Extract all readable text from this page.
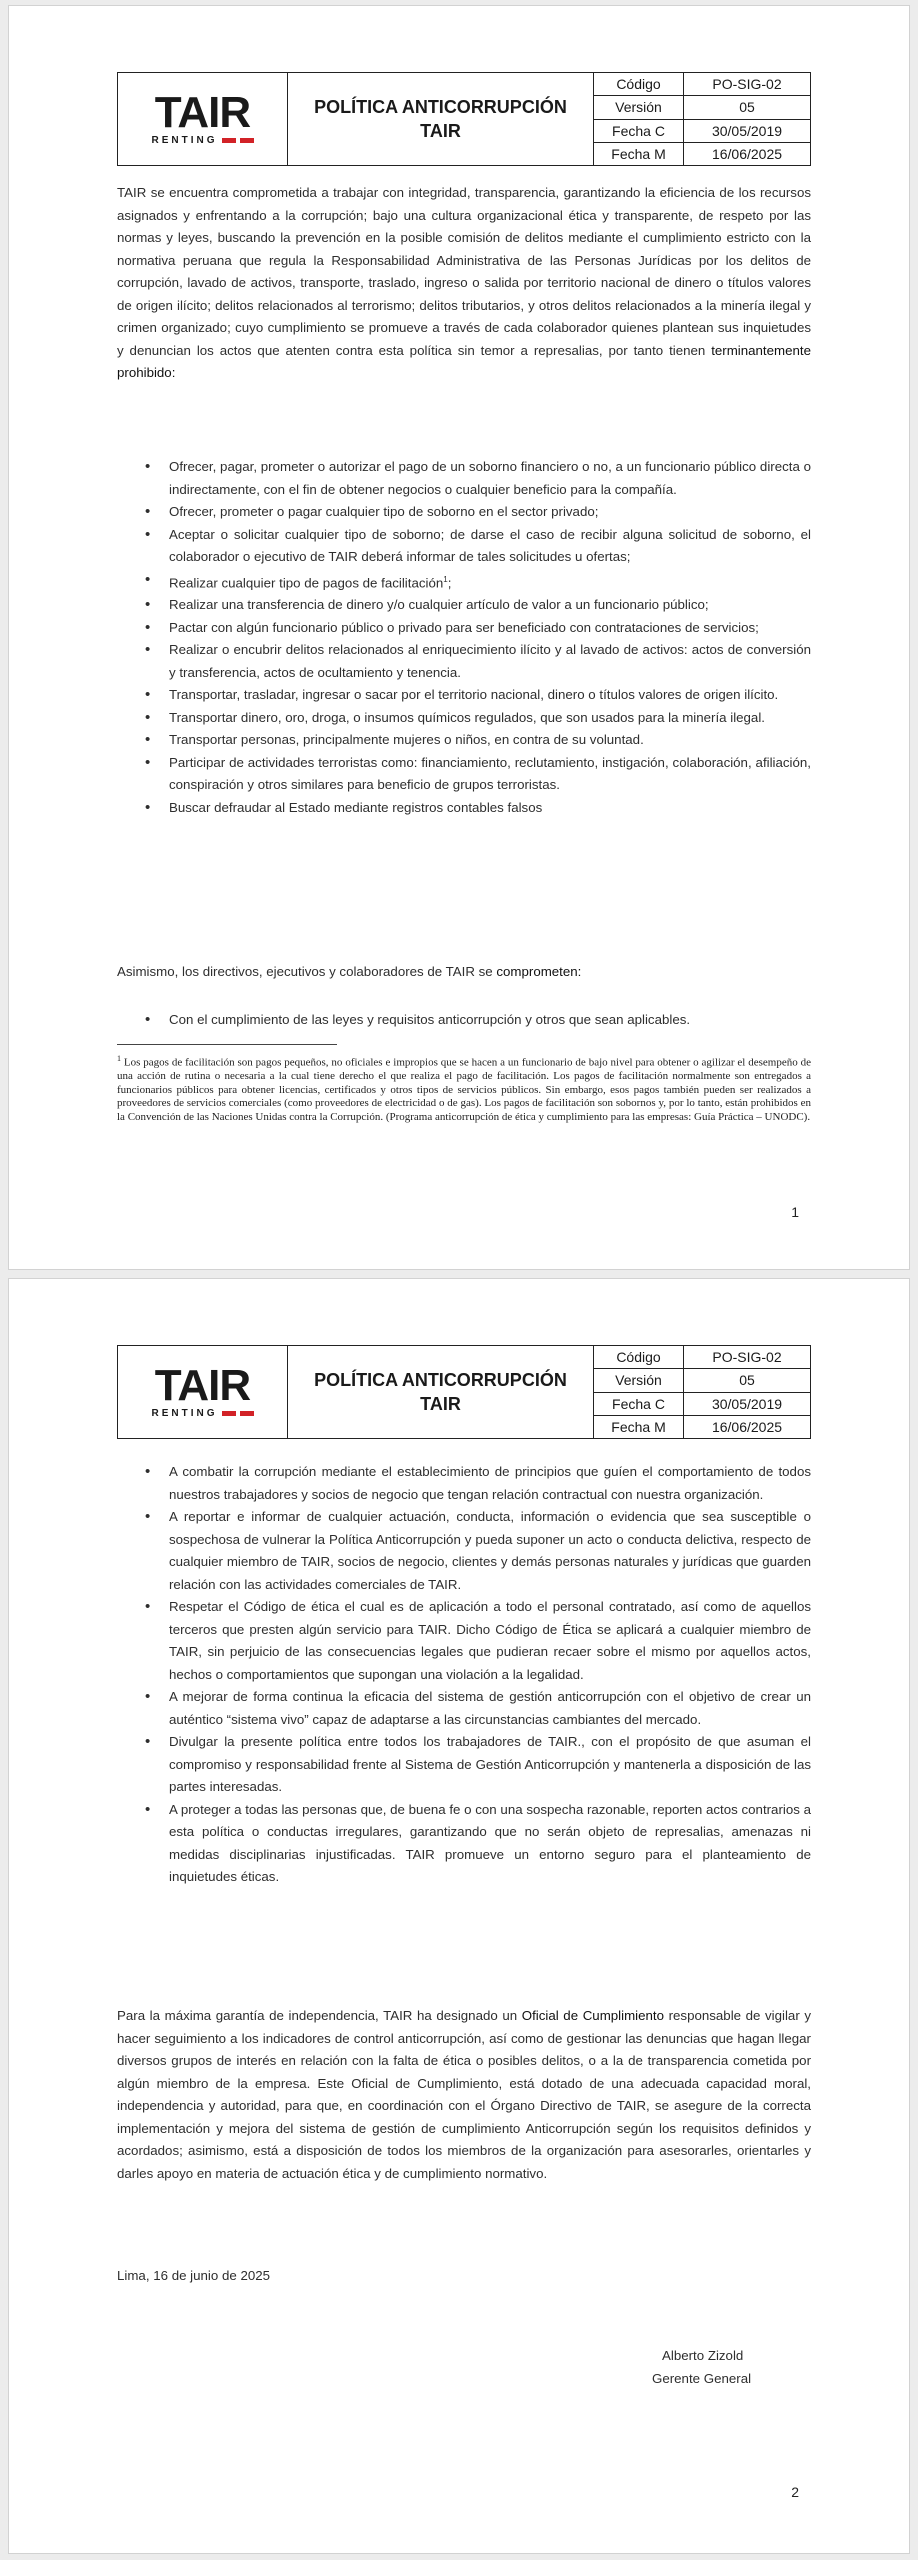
TAIR
RENTING
POLÍTICA ANTICORRUPCIÓN
TAIR
Código	PO-SIG-02
Versión	05
Fecha C	30/05/2019
Fecha M	16/06/2025

TAIR se encuentra comprometida a trabajar con integridad, transparencia, garantizando la eficiencia de los recursos asignados y enfrentando a la corrupción; bajo una cultura organizacional ética y transparente, de respeto por las normas y leyes, buscando la prevención en la posible comisión de delitos mediante el cumplimiento estricto con la normativa peruana que regula la Responsabilidad Administrativa de las Personas Jurídicas por los delitos de corrupción, lavado de activos, transporte, traslado, ingreso o salida por territorio nacional de dinero o títulos valores de origen ilícito; delitos relacionados al terrorismo; delitos tributarios, y otros delitos relacionados a la minería ilegal y crimen organizado; cuyo cumplimiento se promueve a través de cada colaborador quienes plantean sus inquietudes y denuncian los actos que atenten contra esta política sin temor a represalias, por tanto tienen terminantemente prohibido:

• Ofrecer, pagar, prometer o autorizar el pago de un soborno financiero o no, a un funcionario público directa o indirectamente, con el fin de obtener negocios o cualquier beneficio para la compañía.
• Ofrecer, prometer o pagar cualquier tipo de soborno en el sector privado;
• Aceptar o solicitar cualquier tipo de soborno; de darse el caso de recibir alguna solicitud de soborno, el colaborador o ejecutivo de TAIR deberá informar de tales solicitudes u ofertas;
• Realizar cualquier tipo de pagos de facilitación$^1$;
• Realizar una transferencia de dinero y/o cualquier artículo de valor a un funcionario público;
• Pactar con algún funcionario público o privado para ser beneficiado con contrataciones de servicios;
• Realizar o encubrir delitos relacionados al enriquecimiento ilícito y al lavado de activos: actos de conversión y transferencia, actos de ocultamiento y tenencia.
• Transportar, trasladar, ingresar o sacar por el territorio nacional, dinero o títulos valores de origen ilícito.
• Transportar dinero, oro, droga, o insumos químicos regulados, que son usados para la minería ilegal.
• Transportar personas, principalmente mujeres o niños, en contra de su voluntad.
• Participar de actividades terroristas como: financiamiento, reclutamiento, instigación, colaboración, afiliación, conspiración y otros similares para beneficio de grupos terroristas.
• Buscar defraudar al Estado mediante registros contables falsos

Asimismo, los directivos, ejecutivos y colaboradores de TAIR se comprometen:

• Con el cumplimiento de las leyes y requisitos anticorrupción y otros que sean aplicables.

$^1$ Los pagos de facilitación son pagos pequeños, no oficiales e impropios que se hacen a un funcionario de bajo nivel para obtener o agilizar el desempeño de una acción de rutina o necesaria a la cual tiene derecho el que realiza el pago de facilitación. Los pagos de facilitación normalmente son entregados a funcionarios públicos para obtener licencias, certificados y otros tipos de servicios públicos. Sin embargo, esos pagos también pueden ser realizados a proveedores de servicios comerciales (como proveedores de electricidad o de gas). Los pagos de facilitación son sobornos y, por lo tanto, están prohibidos en la Convención de las Naciones Unidas contra la Corrupción. (Programa anticorrupción de ética y cumplimiento para las empresas: Guía Práctica – UNODC).

1
TAIR
RENTING
POLÍTICA ANTICORRUPCIÓN
TAIR
Código	PO-SIG-02
Versión	05
Fecha C	30/05/2019
Fecha M	16/06/2025
• A combatir la corrupción mediante el establecimiento de principios que guíen el comportamiento de todos nuestros trabajadores y socios de negocio que tengan relación contractual con nuestra organización.
• A reportar e informar de cualquier actuación, conducta, información o evidencia que sea susceptible o sospechosa de vulnerar la Política Anticorrupción y pueda suponer un acto o conducta delictiva, respecto de cualquier miembro de TAIR, socios de negocio, clientes y demás personas naturales y jurídicas que guarden relación con las actividades comerciales de TAIR.
• Respetar el Código de ética el cual es de aplicación a todo el personal contratado, así como de aquellos terceros que presten algún servicio para TAIR. Dicho Código de Ética se aplicará a cualquier miembro de TAIR, sin perjuicio de las consecuencias legales que pudieran recaer sobre el mismo por aquellos actos, hechos o comportamientos que supongan una violación a la legalidad.
• A mejorar de forma continua la eficacia del sistema de gestión anticorrupción con el objetivo de crear un auténtico “sistema vivo” capaz de adaptarse a las circunstancias cambiantes del mercado.
• Divulgar la presente política entre todos los trabajadores de TAIR., con el propósito de que asuman el compromiso y responsabilidad frente al Sistema de Gestión Anticorrupción y mantenerla a disposición de las partes interesadas.
• A proteger a todas las personas que, de buena fe o con una sospecha razonable, reporten actos contrarios a esta política o conductas irregulares, garantizando que no serán objeto de represalias, amenazas ni medidas disciplinarias injustificadas. TAIR promueve un entorno seguro para el planteamiento de inquietudes éticas.

Para la máxima garantía de independencia, TAIR ha designado un Oficial de Cumplimiento responsable de vigilar y hacer seguimiento a los indicadores de control anticorrupción, así como de gestionar las denuncias que hagan llegar diversos grupos de interés en relación con la falta de ética o posibles delitos, o a la de transparencia cometida por algún miembro de la empresa. Este Oficial de Cumplimiento, está dotado de una adecuada capacidad moral, independencia y autoridad, para que, en coordinación con el Órgano Directivo de TAIR, se asegure de la correcta implementación y mejora del sistema de gestión de cumplimiento Anticorrupción según los requisitos definidos y acordados; asimismo, está a disposición de todos los miembros de la organización para asesorarles, orientarles y darles apoyo en materia de actuación ética y de cumplimiento normativo.

Lima, 16 de junio de 2025

Alberto Zizold
Gerente General
2
